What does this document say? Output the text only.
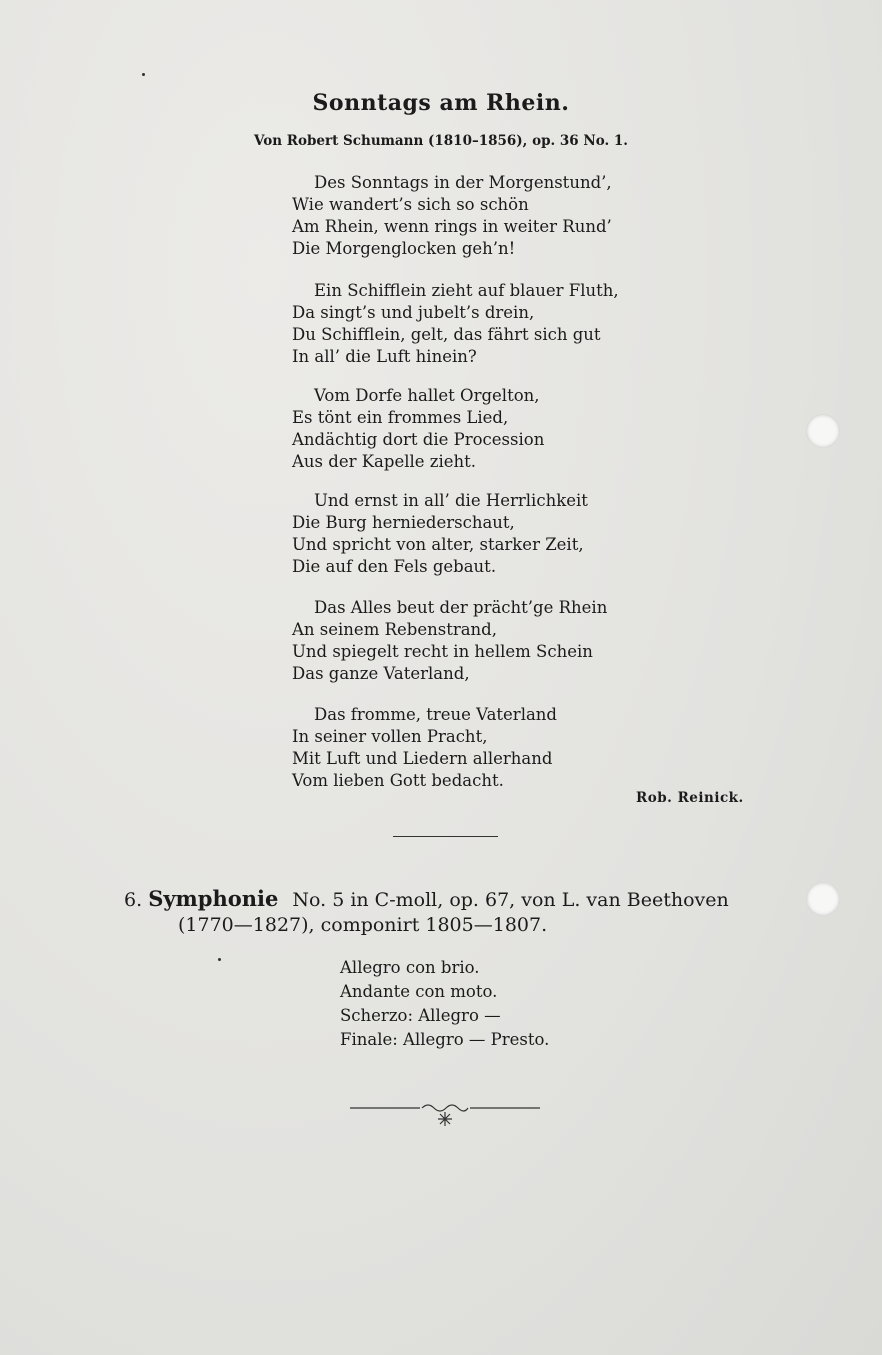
Sonntags am Rhein.
Von Robert Schumann (1810–1856), op. 36 No. 1.
Des Sonntags in der Morgenstund’,
Wie wandert’s sich so schön
Am Rhein, wenn rings in weiter Rund’
Die Morgenglocken geh’n!
Ein Schifflein zieht auf blauer Fluth,
Da singt’s und jubelt’s drein,
Du Schifflein, gelt, das fährt sich gut
In all’ die Luft hinein?
Vom Dorfe hallet Orgelton,
Es tönt ein frommes Lied,
Andächtig dort die Procession
Aus der Kapelle zieht.
Und ernst in all’ die Herrlichkeit
Die Burg herniederschaut,
Und spricht von alter, starker Zeit,
Die auf den Fels gebaut.
Das Alles beut der prächt’ge Rhein
An seinem Rebenstrand,
Und spiegelt recht in hellem Schein
Das ganze Vaterland,
Das fromme, treue Vaterland
In seiner vollen Pracht,
Mit Luft und Liedern allerhand
Vom lieben Gott bedacht.
Rob. Reinick.
6. Symphonie No. 5 in C-moll, op. 67, von L. van Beethoven
(1770—1827), componirt 1805—1807.
Allegro con brio.
Andante con moto.
Scherzo: Allegro —
Finale: Allegro — Presto.
